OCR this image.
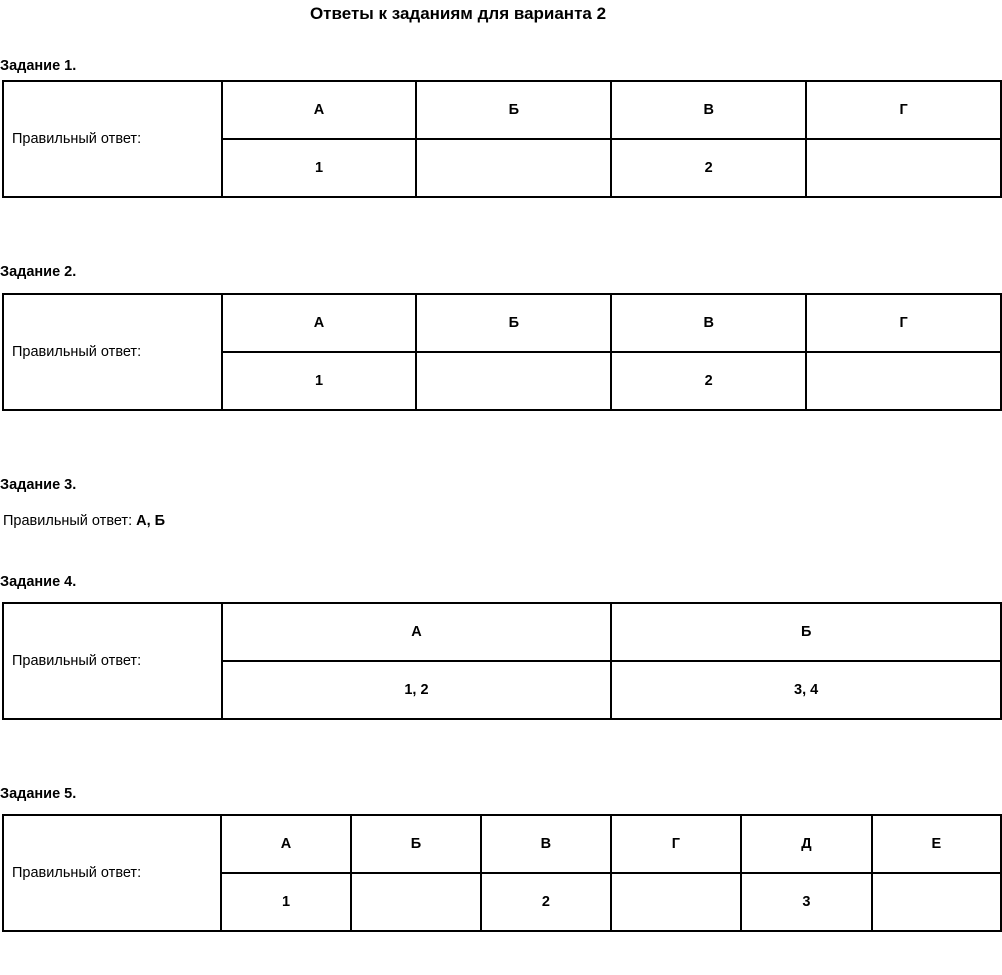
Ответы к заданиям для варианта 2
Задание 1.
Правильный ответ:	А	Б	В	Г
	1		2	
Задание 2.
Правильный ответ:	А	Б	В	Г
	1		2	
Задание 3.
Правильный ответ: А, Б
Задание 4.
Правильный ответ:	А	Б
	1, 2	3, 4
Задание 5.
Правильный ответ:	А	Б	В	Г	Д	Е
	1		2		3	
